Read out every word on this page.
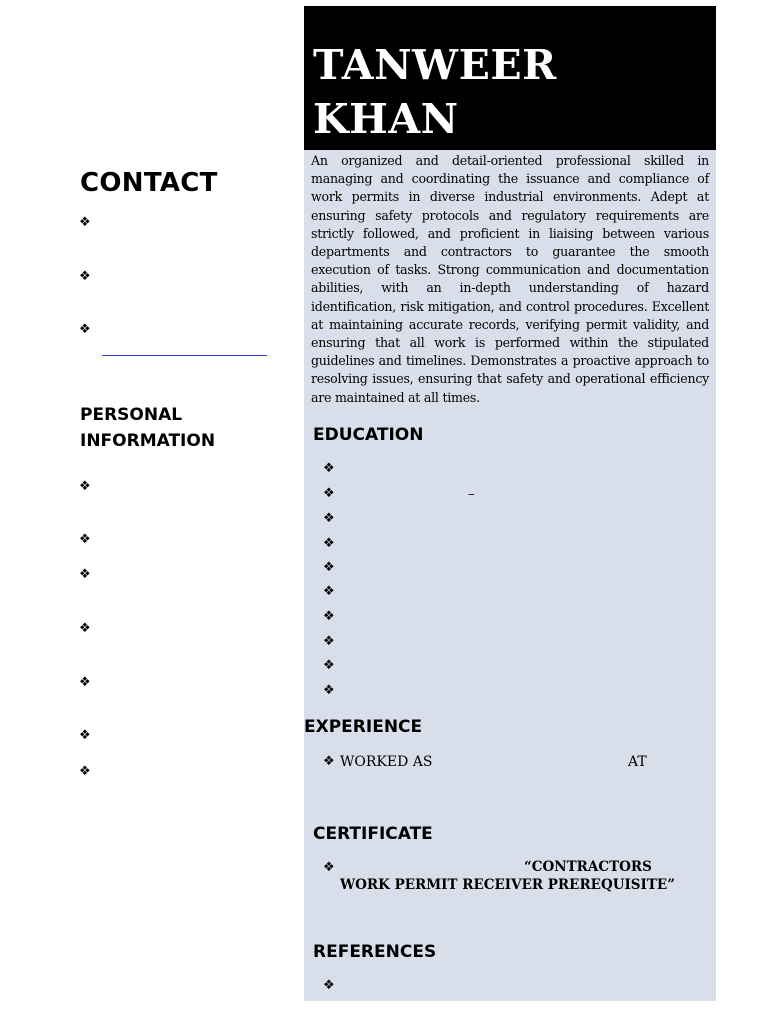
CONTACT
❖
❖
❖
PERSONAL
INFORMATION
❖
❖
❖
❖
❖
❖
❖
TANWEER
KHAN

An organized and detail-oriented professional skilled in managing and coordinating the issuance and compliance of work permits in diverse industrial environments. Adept at ensuring safety protocols and regulatory requirements are strictly followed, and proficient in liaising between various departments and contractors to guarantee the smooth execution of tasks. Strong communication and documentation abilities, with an in-depth understanding of hazard identification, risk mitigation, and control procedures. Excellent at maintaining accurate records, verifying permit validity, and ensuring that all work is performed within the stipulated guidelines and timelines. Demonstrates a proactive approach to resolving issues, ensuring that safety and operational efficiency are maintained at all times.

EDUCATION
❖
❖	–
❖
❖
❖
❖
❖
❖
❖
❖
EXPERIENCE
❖ WORKED AS	AT
CERTIFICATE
❖	“CONTRACTORS
WORK PERMIT RECEIVER PREREQUISITE”
REFERENCES
❖
